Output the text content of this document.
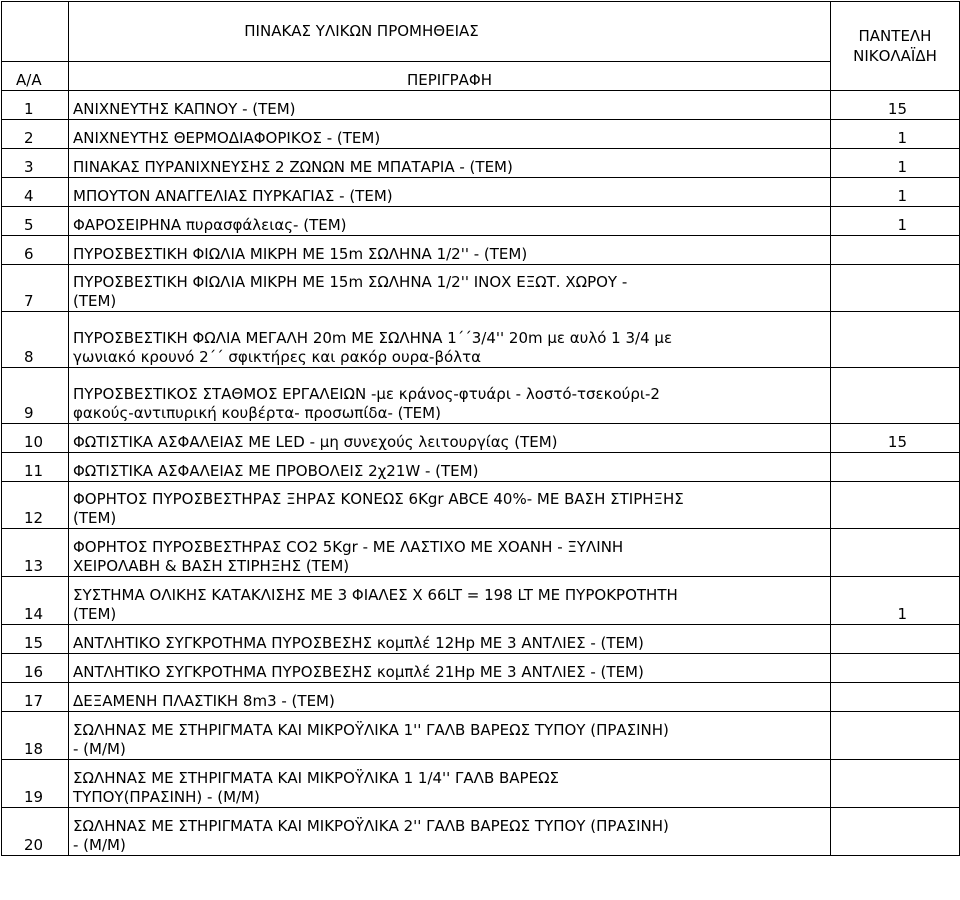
	ΠΙΝΑΚΑΣ ΥΛΙΚΩΝ ΠΡΟΜΗΘΕΙΑΣ	ΠΑΝΤΕΛΗ
ΝΙΚΟΛΑΪΔΗ

Α/Α	ΠΕΡΙΓΡΑΦΗ	
1	ΑΝΙΧΝΕΥΤΗΣ ΚΑΠΝΟΥ - (ΤΕΜ)	15
2	ΑΝΙΧΝΕΥΤΗΣ ΘΕΡΜΟΔΙΑΦΟΡΙΚΟΣ - (ΤΕΜ)	1
3	ΠΙΝΑΚΑΣ ΠΥΡΑΝΙΧΝΕΥΣΗΣ 2 ΖΩΝΩΝ ΜΕ ΜΠΑΤΑΡΙΑ - (ΤΕΜ)	1
4	ΜΠΟΥΤΟΝ ΑΝΑΓΓΕΛΙΑΣ ΠΥΡΚΑΓΙΑΣ - (ΤΕΜ)	1
5	ΦΑΡΟΣΕΙΡΗΝΑ πυρασφάλειας- (ΤΕΜ)	1
6	ΠΥΡΟΣΒΕΣΤΙΚΗ ΦΙΩΛΙΑ ΜΙΚΡΗ ΜΕ 15m ΣΩΛΗΝΑ 1/2'' - (ΤΕΜ)	

7	ΠΥΡΟΣΒΕΣΤΙΚΗ ΦΙΩΛΙΑ ΜΙΚΡΗ ΜΕ 15m ΣΩΛΗΝΑ 1/2'' ΙΝΟΧ ΕΞΩΤ. ΧΩΡΟΥ -
(ΤΕΜ)	

8	ΠΥΡΟΣΒΕΣΤΙΚΗ ΦΩΛΙΑ ΜΕΓΑΛΗ 20m ΜΕ ΣΩΛΗΝΑ 1΄΄3/4'' 20m με αυλό 1 3/4 με
γωνιακό κρουνό 2΄΄ σφικτήρες και ρακόρ ουρα-βόλτα	

9	ΠΥΡΟΣΒΕΣΤΙΚΟΣ ΣΤΑΘΜΟΣ ΕΡΓΑΛΕΙΩΝ -με κράνος-φτυάρι - λοστό-τσεκούρι-2
φακούς-αντιπυρική κουβέρτα- προσωπίδα- (ΤΕΜ)	

10	ΦΩΤΙΣΤΙΚΑ ΑΣΦΑΛΕΙΑΣ ΜΕ LED - μη συνεχούς λειτουργίας (ΤΕΜ)	15
11	ΦΩΤΙΣΤΙΚΑ ΑΣΦΑΛΕΙΑΣ ΜΕ ΠΡΟΒΟΛΕΙΣ 2χ21W - (ΤΕΜ)	

12	ΦΟΡΗΤΟΣ ΠΥΡΟΣΒΕΣΤΗΡΑΣ ΞΗΡΑΣ ΚΟΝΕΩΣ 6Kgr ABCE 40%- ΜΕ ΒΑΣΗ ΣΤΙΡΗΞΗΣ
(ΤΕΜ)	

13	ΦΟΡΗΤΟΣ ΠΥΡΟΣΒΕΣΤΗΡΑΣ CO2 5Kgr - ΜΕ ΛΑΣΤΙΧΟ ΜΕ ΧΟΑΝΗ - ΞΥΛΙΝΗ
ΧΕΙΡΟΛΑΒΗ & ΒΑΣΗ ΣΤΙΡΗΞΗΣ (ΤΕΜ)	

14	ΣΥΣΤΗΜΑ ΟΛΙΚΗΣ ΚΑΤΑΚΛΙΣΗΣ ΜΕ 3 ΦΙΑΛΕΣ Χ 66LT = 198 LT ΜΕ ΠΥΡΟΚΡΟΤΗΤΗ
(ΤΕΜ)	1
15	ΑΝΤΛΗΤΙΚΟ ΣΥΓΚΡΟΤΗΜΑ ΠΥΡΟΣΒΕΣΗΣ κομπλέ 12Hp ΜΕ 3 ΑΝΤΛΙΕΣ - (ΤΕΜ)	

16	ΑΝΤΛΗΤΙΚΟ ΣΥΓΚΡΟΤΗΜΑ ΠΥΡΟΣΒΕΣΗΣ κομπλέ 21Hp ΜΕ 3 ΑΝΤΛΙΕΣ - (ΤΕΜ)	

17	ΔΕΞΑΜΕΝΗ ΠΛΑΣΤΙΚΗ 8m3 - (ΤΕΜ)	

18	ΣΩΛΗΝΑΣ ΜΕ ΣΤΗΡΙΓΜΑΤΑ ΚΑΙ ΜΙΚΡΟΫΛΙΚΑ 1'' ΓΑΛΒ ΒΑΡΕΩΣ ΤΥΠΟΥ (ΠΡΑΣΙΝΗ)
- (Μ/Μ)	

19	ΣΩΛΗΝΑΣ ΜΕ ΣΤΗΡΙΓΜΑΤΑ ΚΑΙ ΜΙΚΡΟΫΛΙΚΑ 1 1/4'' ΓΑΛΒ ΒΑΡΕΩΣ
ΤΥΠΟΥ(ΠΡΑΣΙΝΗ) - (Μ/Μ)	

20	ΣΩΛΗΝΑΣ ΜΕ ΣΤΗΡΙΓΜΑΤΑ ΚΑΙ ΜΙΚΡΟΫΛΙΚΑ 2'' ΓΑΛΒ ΒΑΡΕΩΣ ΤΥΠΟΥ (ΠΡΑΣΙΝΗ)
- (Μ/Μ)	
